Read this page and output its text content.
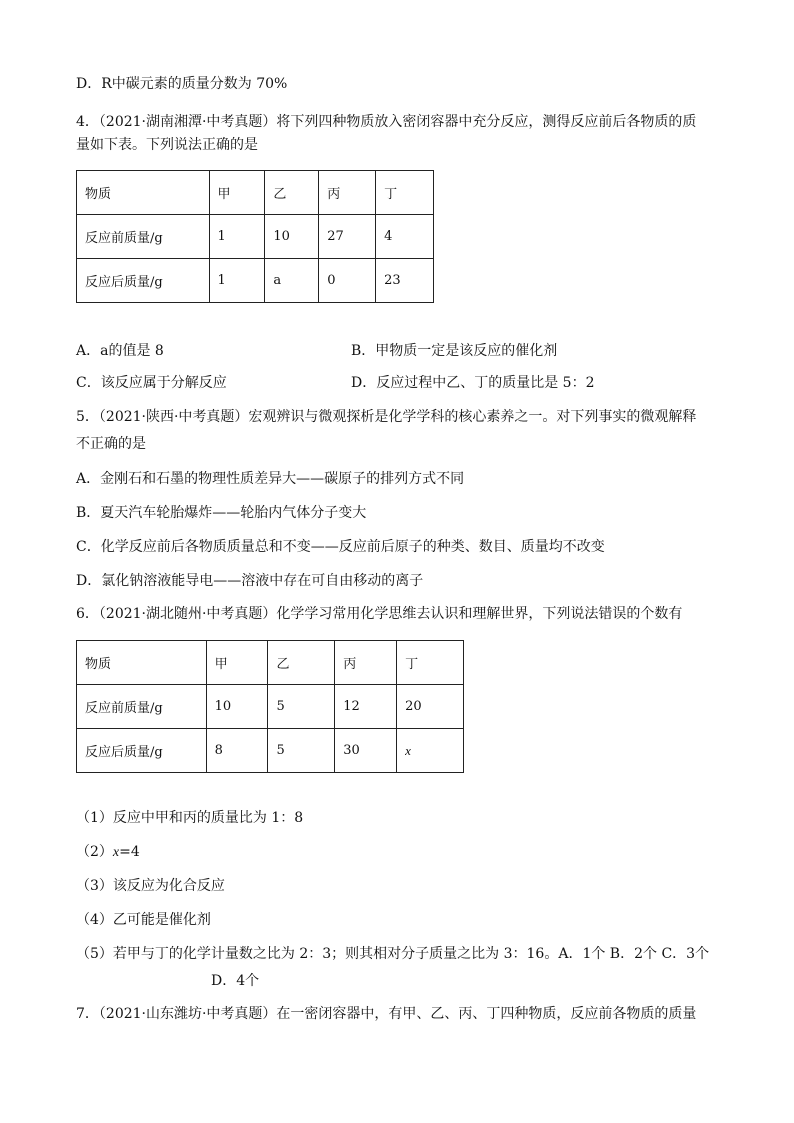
D．R中碳元素的质量分数为 70%
4．（2021·湖南湘潭·中考真题）将下列四种物质放入密闭容器中充分反应，测得反应前后各物质的质
量如下表。下列说法正确的是
物质	甲	乙	丙	丁
反应前质量/g	1	10	27	4
反应后质量/g	1	a	0	23
A．a的值是 8	B．甲物质一定是该反应的催化剂
C．该反应属于分解反应	D．反应过程中乙、丁的质量比是 5：2
5．（2021·陕西·中考真题）宏观辨识与微观探析是化学学科的核心素养之一。对下列事实的微观解释
不正确的是
A．金刚石和石墨的物理性质差异大——碳原子的排列方式不同
B．夏天汽车轮胎爆炸——轮胎内气体分子变大
C．化学反应前后各物质质量总和不变——反应前后原子的种类、数目、质量均不改变
D．氯化钠溶液能导电——溶液中存在可自由移动的离子
6．（2021·湖北随州·中考真题）化学学习常用化学思维去认识和理解世界，下列说法错误的个数有
物质	甲	乙	丙	丁
反应前质量/g	10	5	12	20
反应后质量/g	8	5	30	x
（1）反应中甲和丙的质量比为 1：8
（2）x=4
（3）该反应为化合反应
（4）乙可能是催化剂
（5）若甲与丁的化学计量数之比为 2：3；则其相对分子质量之比为 3：16。A．1个 B．2个 C．3个
D．4个
7．（2021·山东潍坊·中考真题）在一密闭容器中，有甲、乙、丙、丁四种物质，反应前各物质的质量
